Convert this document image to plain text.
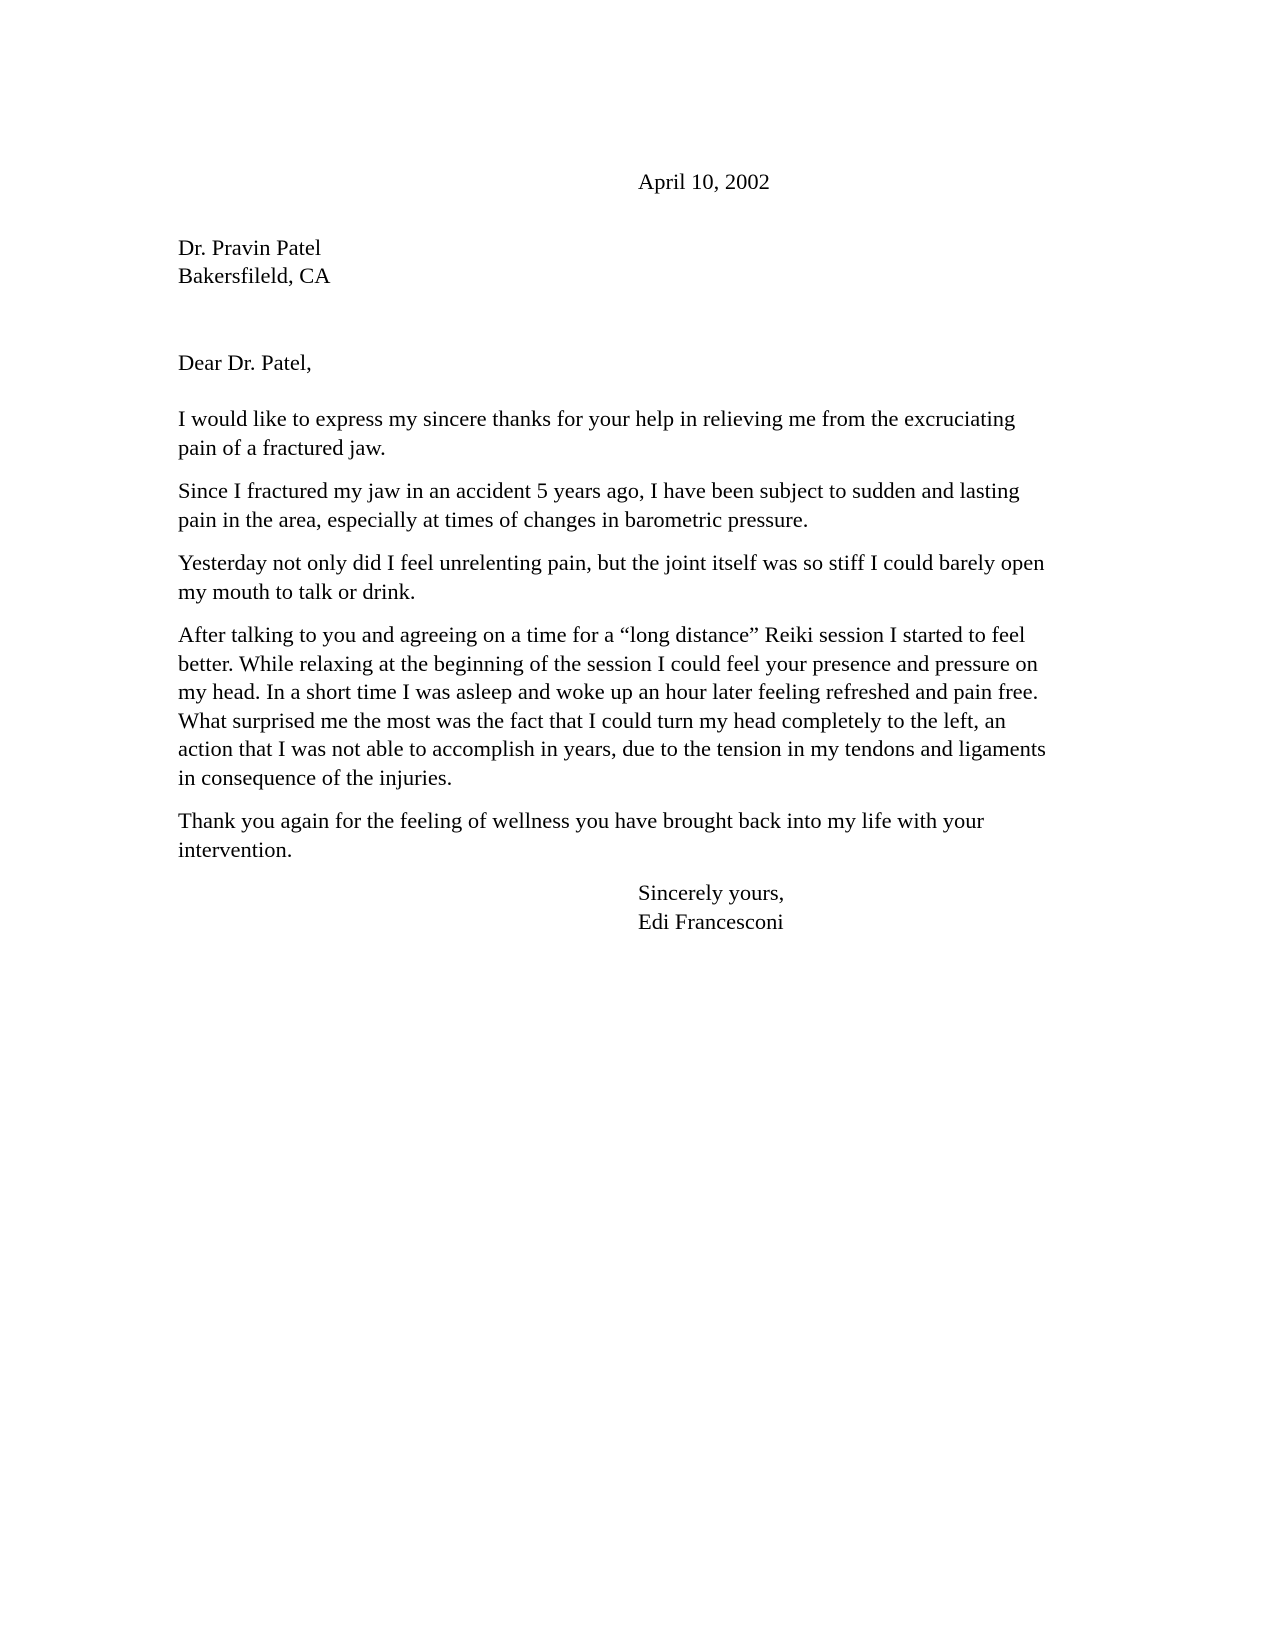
April 10, 2002
Dr. Pravin Patel
Bakersfileld, CA
Dear Dr. Patel,

I would like to express my sincere thanks for your help in relieving me from the excruciating pain of a fractured jaw.

Since I fractured my jaw in an accident 5 years ago, I have been subject to sudden and lasting pain in the area, especially at times of changes in barometric pressure.

Yesterday not only did I feel unrelenting pain, but the joint itself was so stiff I could barely open my mouth to talk or drink.

After talking to you and agreeing on a time for a “long distance” Reiki session I started to feel better. While relaxing at the beginning of the session I could feel your presence and pressure on my head. In a short time I was asleep and woke up an hour later feeling refreshed and pain free. What surprised me the most was the fact that I could turn my head completely to the left, an action that I was not able to accomplish in years, due to the tension in my tendons and ligaments in consequence of the injuries.

Thank you again for the feeling of wellness you have brought back into my life with your intervention.

Sincerely yours,
Edi Francesconi
